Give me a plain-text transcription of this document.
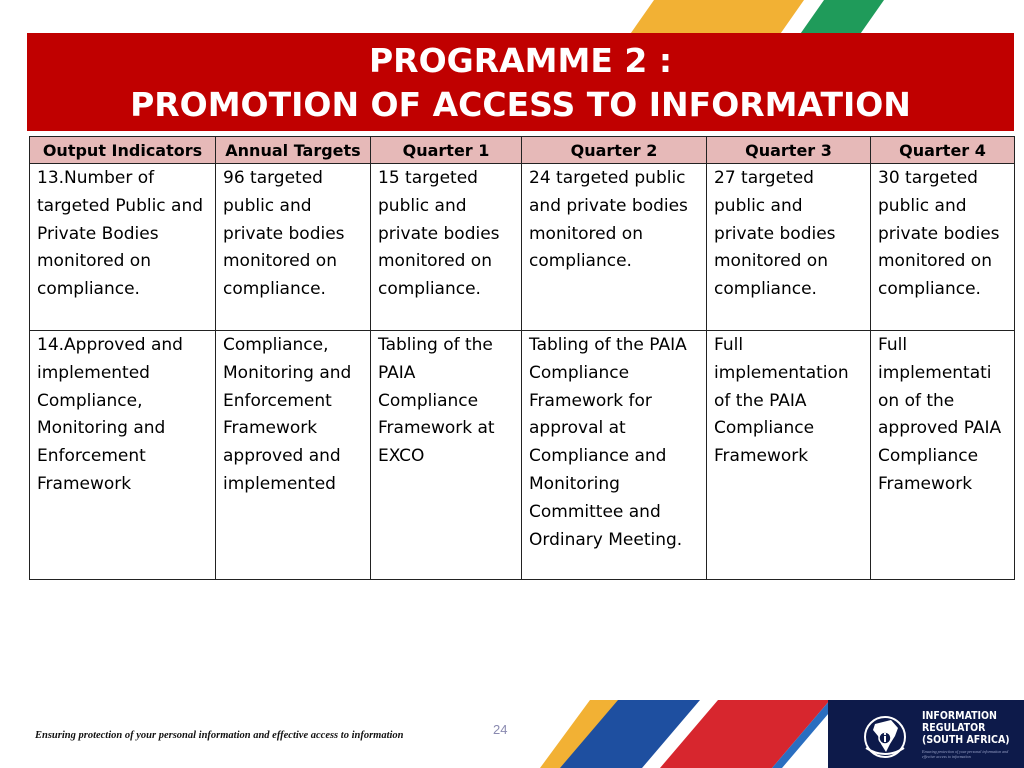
PROGRAMME 2 :
PROMOTION OF ACCESS TO INFORMATION
Output Indicators	Annual Targets	Quarter 1	Quarter 2	Quarter 3	Quarter 4
13.Number of targeted Public and Private Bodies monitored on compliance.	96 targeted public and private bodies monitored on compliance.	15 targeted public and private bodies monitored on compliance.	24 targeted public and private bodies monitored on compliance.	27 targeted public and private bodies monitored on compliance.	30 targeted public and private bodies monitored on compliance.
14.Approved and implemented Compliance, Monitoring and Enforcement Framework	Compliance, Monitoring and Enforcement Framework approved and implemented	Tabling of the PAIA Compliance Framework at EXCO	Tabling of the PAIA Compliance Framework for approval at Compliance and Monitoring Committee and Ordinary Meeting.	Full implementation of the PAIA Compliance Framework	Full implementati on of the approved PAIA Compliance Framework
Ensuring protection of your personal information and effective access to information	24
INFORMATION
REGULATOR
(SOUTH AFRICA)
Ensuring protection of your personal information and effective access to information
